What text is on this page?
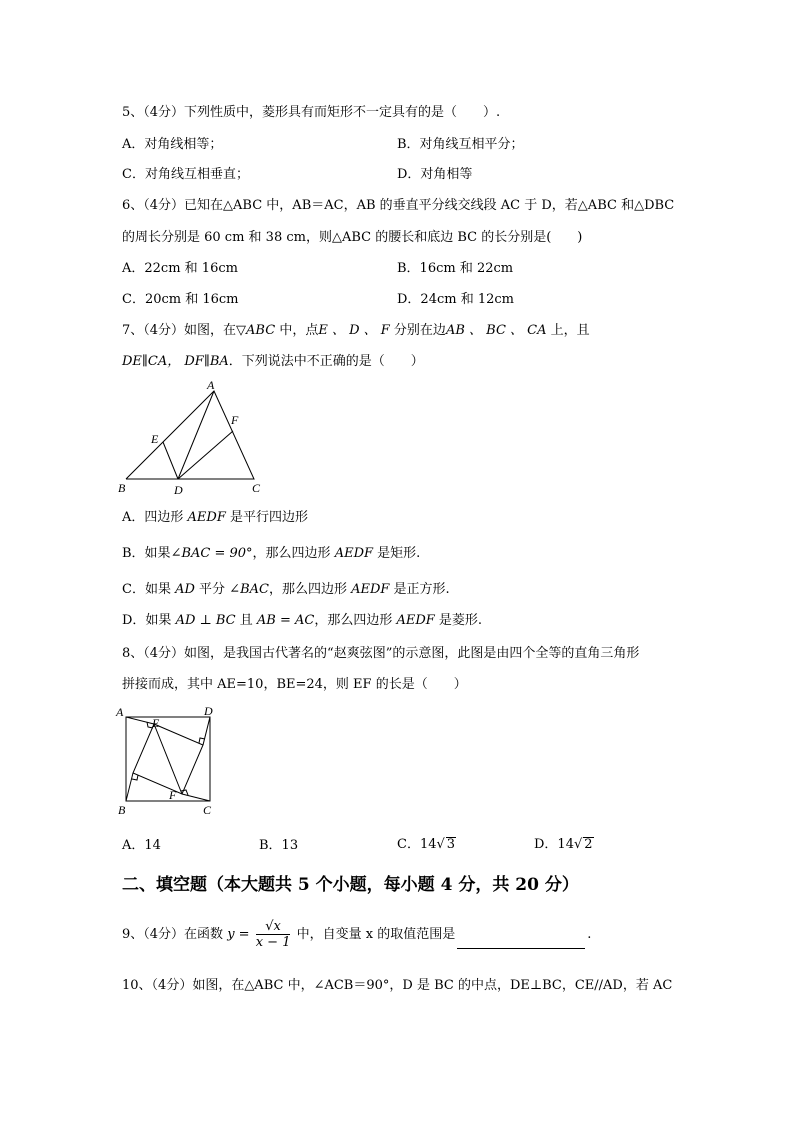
5、（4分）下列性质中，菱形具有而矩形不一定具有的是（　　）.
A．对角线相等；	B．对角线互相平分；
C．对角线互相垂直；	D．对角相等
6、（4分）已知在△ABC 中，AB＝AC，AB 的垂直平分线交线段 AC 于 D，若△ABC 和△DBC
的周长分别是 60 cm 和 38 cm，则△ABC 的腰长和底边 BC 的长分别是(　　)
A．22cm 和 16cm	B．16cm 和 22cm
C．20cm 和 16cm	D．24cm 和 12cm
7、（4分）如图，在▽ABC 中，点E 、 D 、 F 分别在边AB 、 BC 、 CA 上，且
DE∥CA， DF∥BA．下列说法中不正确的是（　　）
A
B	C
D
E
F
A．四边形 AEDF 是平行四边形
B．如果∠BAC = 90°，那么四边形 AEDF 是矩形.
C．如果 AD 平分 ∠BAC，那么四边形 AEDF 是正方形.
D．如果 AD ⊥ BC 且 AB = AC，那么四边形 AEDF 是菱形.
8、（4分）如图，是我国古代著名的“赵爽弦图”的示意图，此图是由四个全等的直角三角形
拼接而成，其中 AE=10，BE=24，则 EF 的长是（　　）
A	D
E
B
F
C
A．14	B．13	C．14√ 3	D．14√ 2
二、填空题（本大题共 5 个小题，每小题 4 分，共 20 分）
9、（4分）在函数 $y = \frac{√x}{x - 1}$ 中，自变量 x 的取值范围是	.
10、（4分）如图，在△ABC 中，∠ACB＝90°，D 是 BC 的中点，DE⊥BC，CE//AD，若 AC
